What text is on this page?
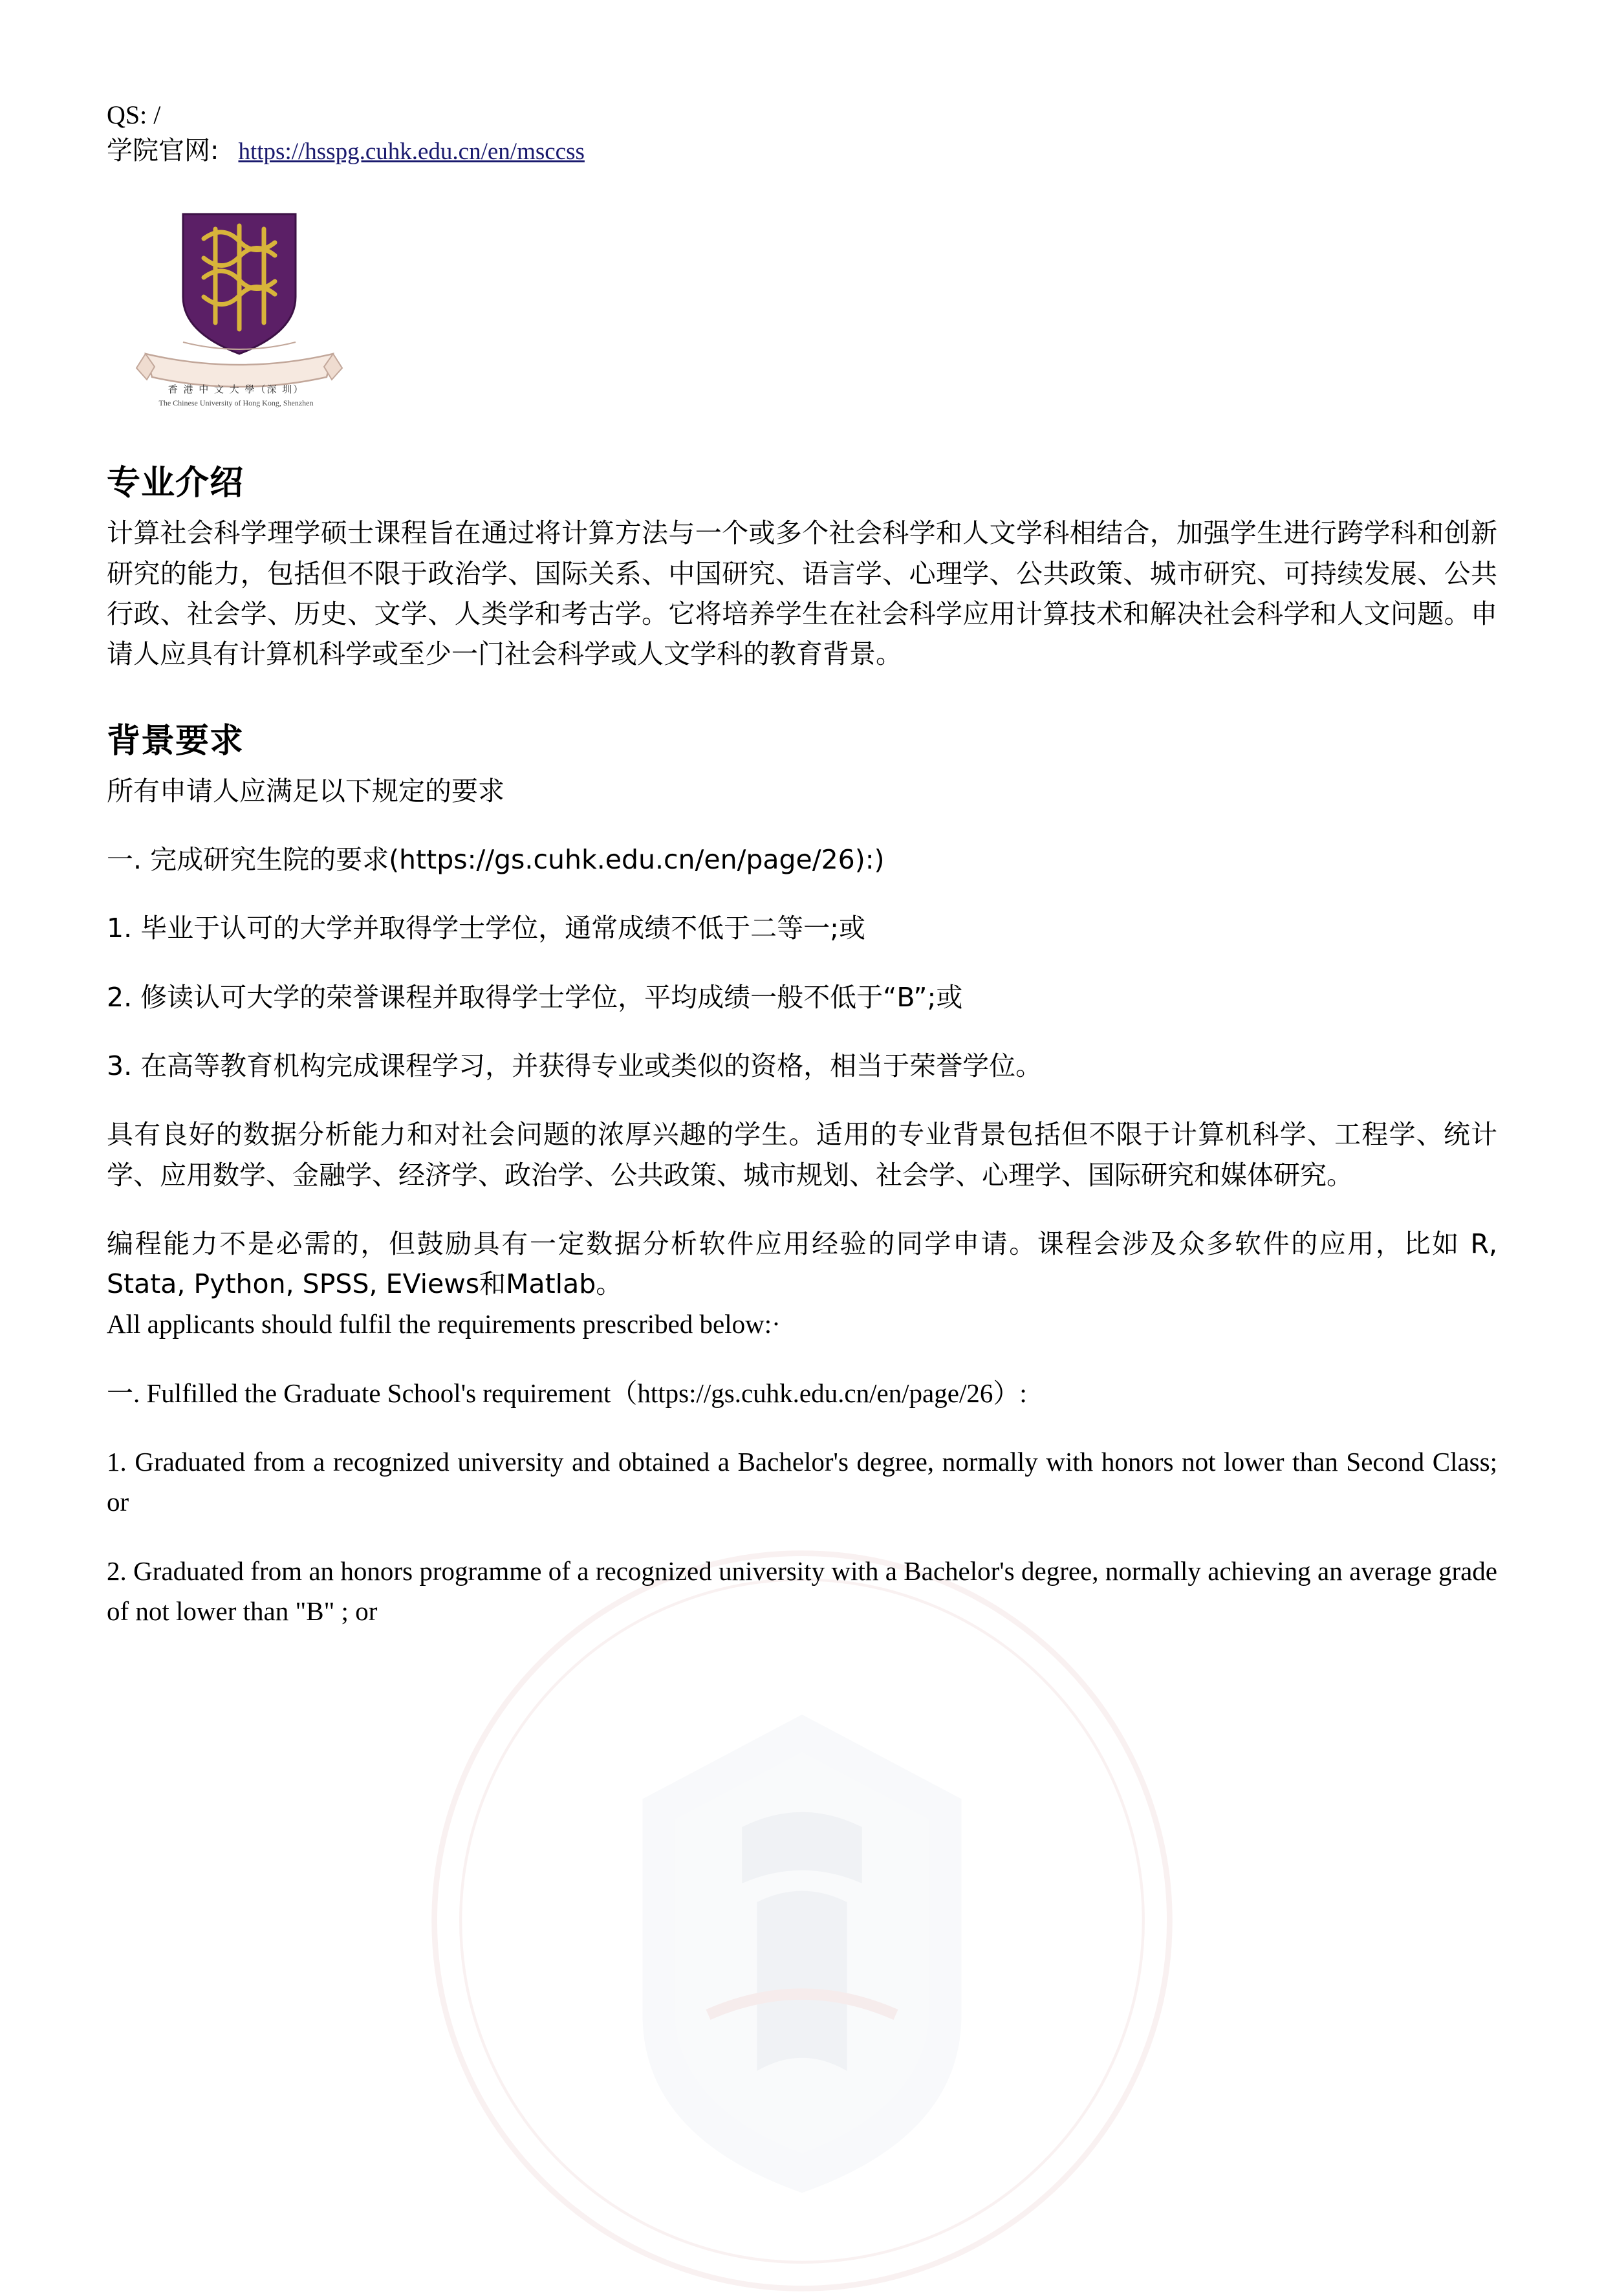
QS: /
学院官网: https://hsspg.cuhk.edu.cn/en/msccss
香 港 中 文 大 學（深 圳）
The Chinese University of Hong Kong, Shenzhen
专业介绍

计算社会科学理学硕士课程旨在通过将计算方法与一个或多个社会科学和人文学科相结合，加强学生进行跨学科和创新研究的能力，包括但不限于政治学、国际关系、中国研究、语言学、心理学、公共政策、城市研究、可持续发展、公共行政、社会学、历史、文学、人类学和考古学。它将培养学生在社会科学应用计算技术和解决社会科学和人文问题。申请人应具有计算机科学或至少一门社会科学或人文学科的教育背景。

背景要求

所有申请人应满足以下规定的要求

一. 完成研究生院的要求(https://gs.cuhk.edu.cn/en/page/26):)

1. 毕业于认可的大学并取得学士学位，通常成绩不低于二等一;或

2. 修读认可大学的荣誉课程并取得学士学位，平均成绩一般不低于“B”;或

3. 在高等教育机构完成课程学习，并获得专业或类似的资格，相当于荣誉学位。

具有良好的数据分析能力和对社会问题的浓厚兴趣的学生。适用的专业背景包括但不限于计算机科学、工程学、统计学、应用数学、金融学、经济学、政治学、公共政策、城市规划、社会学、心理学、国际研究和媒体研究。

编程能力不是必需的，但鼓励具有一定数据分析软件应用经验的同学申请。课程会涉及众多软件的应用，比如 R, Stata, Python, SPSS, EViews和Matlab。

All applicants should fulfil the requirements prescribed below:·

一. Fulfilled the Graduate School's requirement（https://gs.cuhk.edu.cn/en/page/26）:

1. Graduated from a recognized university and obtained a Bachelor's degree, normally with honors not lower than Second Class; or

2. Graduated from an honors programme of a recognized university with a Bachelor's degree, normally achieving an average grade of not lower than "B" ; or
